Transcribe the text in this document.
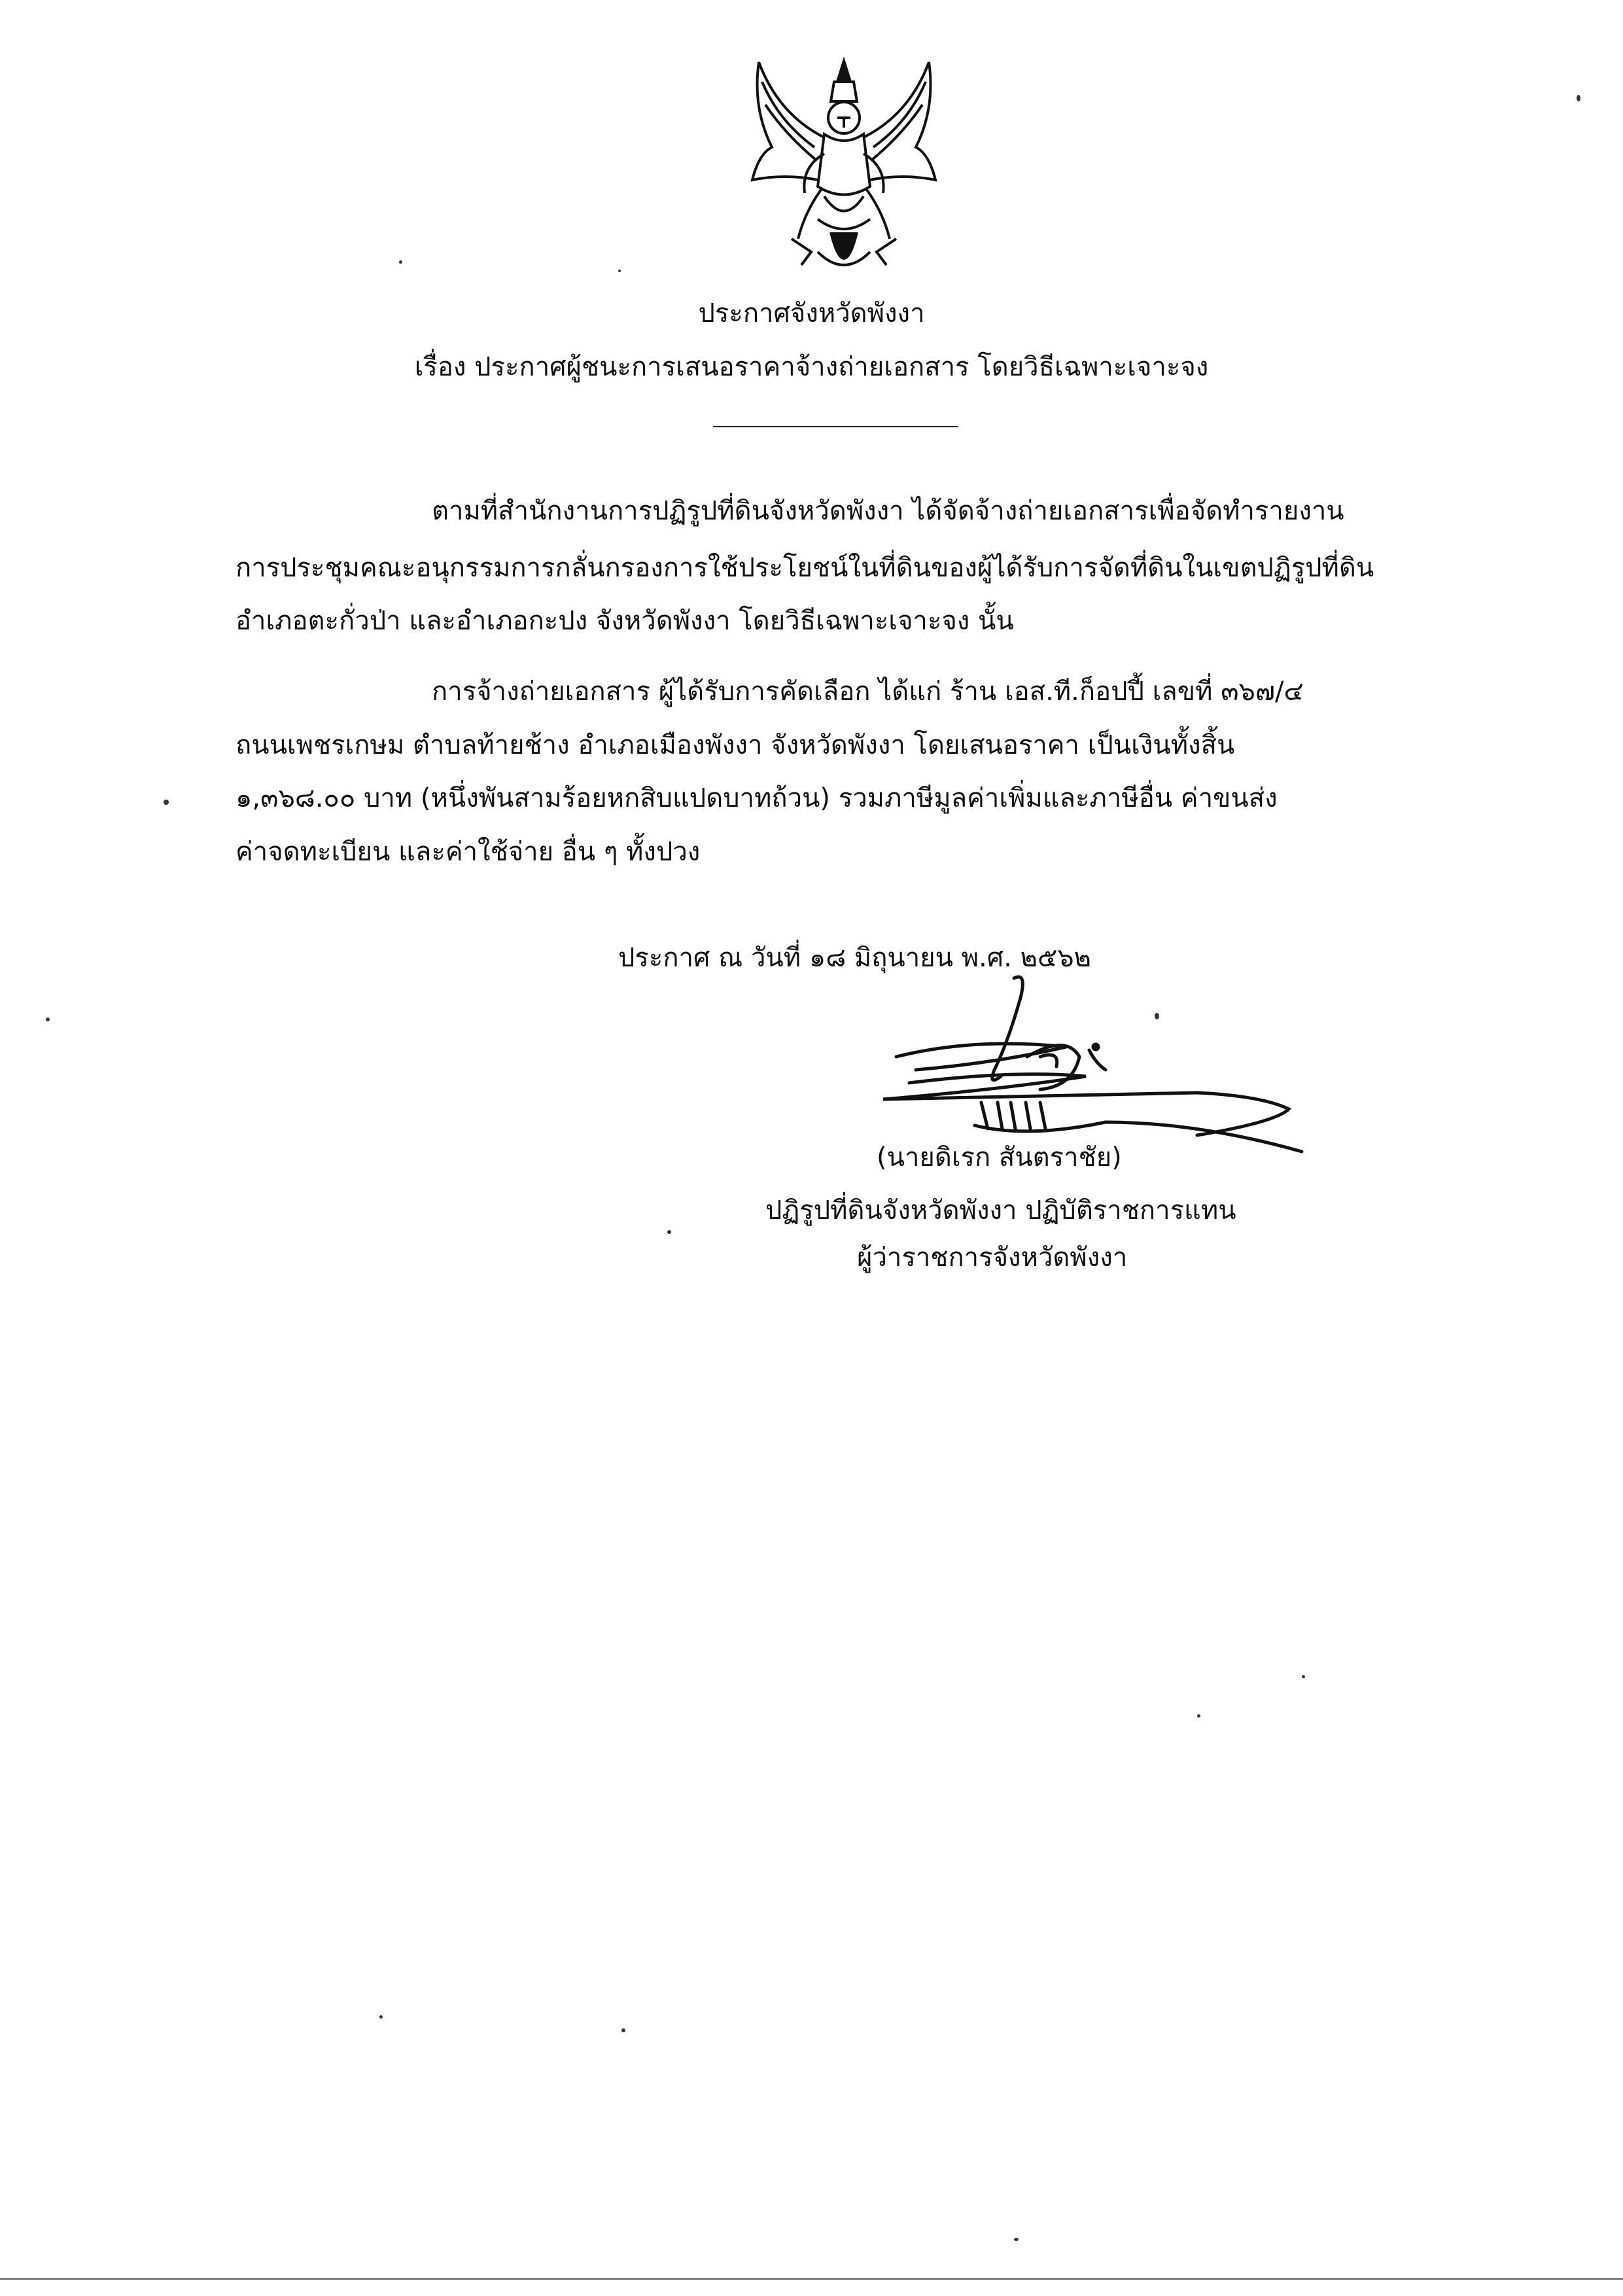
ประกาศจังหวัดพังงา
เรื่อง ประกาศผู้ชนะการเสนอราคาจ้างถ่ายเอกสาร โดยวิธีเฉพาะเจาะจง
ตามที่สำนักงานการปฏิรูปที่ดินจังหวัดพังงา ได้จัดจ้างถ่ายเอกสารเพื่อจัดทำรายงาน
การประชุมคณะอนุกรรมการกลั่นกรองการใช้ประโยชน์ในที่ดินของผู้ได้รับการจัดที่ดินในเขตปฏิรูปที่ดิน
อำเภอตะกั่วป่า และอำเภอกะปง จังหวัดพังงา โดยวิธีเฉพาะเจาะจง นั้น
การจ้างถ่ายเอกสาร ผู้ได้รับการคัดเลือก ได้แก่ ร้าน เอส.ที.ก็อปปี้ เลขที่ ๓๖๗/๔
ถนนเพชรเกษม ตำบลท้ายช้าง อำเภอเมืองพังงา จังหวัดพังงา โดยเสนอราคา เป็นเงินทั้งสิ้น
๑,๓๖๘.๐๐ บาท (หนึ่งพันสามร้อยหกสิบแปดบาทถ้วน) รวมภาษีมูลค่าเพิ่มและภาษีอื่น ค่าขนส่ง
ค่าจดทะเบียน และค่าใช้จ่าย อื่น ๆ ทั้งปวง
ประกาศ ณ วันที่ ๑๘ มิถุนายน พ.ศ. ๒๕๖๒
(นายดิเรก สันตราชัย)
ปฏิรูปที่ดินจังหวัดพังงา ปฏิบัติราชการแทน
ผู้ว่าราชการจังหวัดพังงา
